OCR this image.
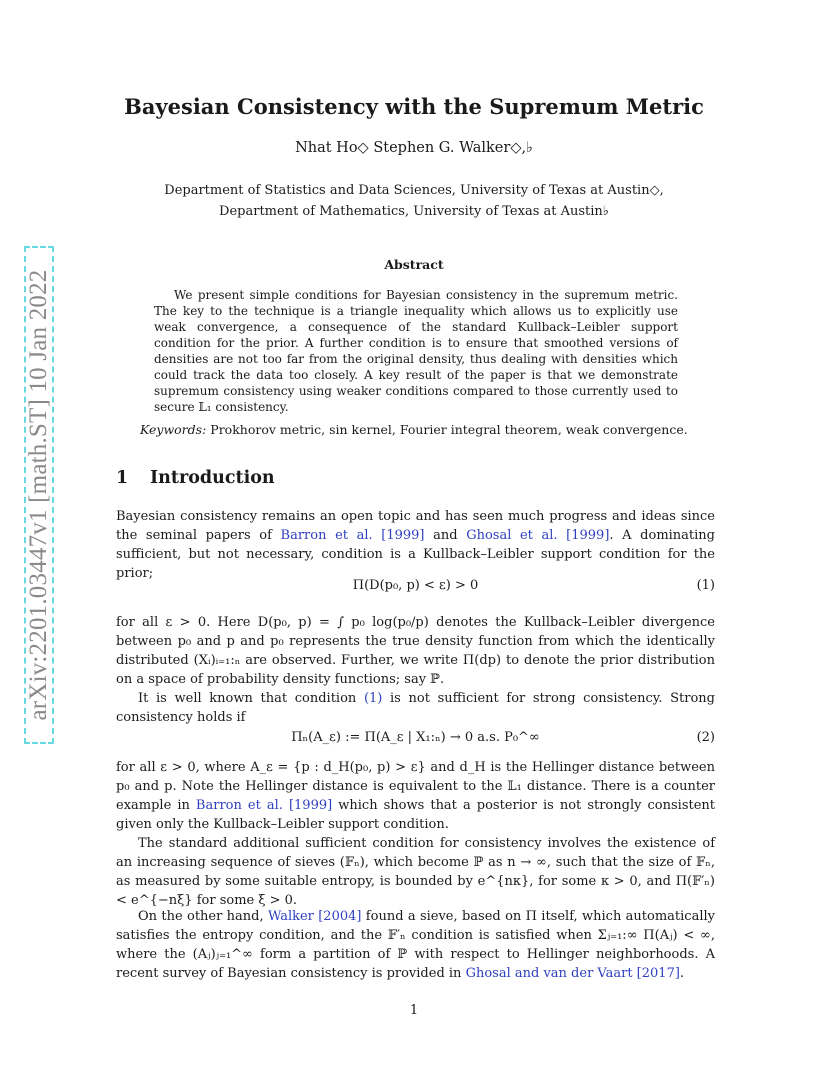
arXiv:2201.03447v1 [math.ST] 10 Jan 2022
Bayesian Consistency with the Supremum Metric
Nhat Ho◇ Stephen G. Walker◇,♭
Department of Statistics and Data Sciences, University of Texas at Austin◇,
Department of Mathematics, University of Texas at Austin♭
Abstract

We present simple conditions for Bayesian consistency in the supremum metric. The key to the technique is a triangle inequality which allows us to explicitly use weak convergence, a consequence of the standard Kullback–Leibler support condition for the prior. A further condition is to ensure that smoothed versions of densities are not too far from the original density, thus dealing with densities which could track the data too closely. A key result of the paper is that we demonstrate supremum consistency using weaker conditions compared to those currently used to secure 𝕃₁ consistency.

Keywords: Prokhorov metric, sin kernel, Fourier integral theorem, weak convergence.
1 Introduction

Bayesian consistency remains an open topic and has seen much progress and ideas since the seminal papers of Barron et al. [1999] and Ghosal et al. [1999]. A dominating sufficient, but not necessary, condition is a Kullback–Leibler support condition for the prior;

Π(D(p₀, p) < ε) > 0	(1)

for all ε > 0. Here D(p₀, p) = ∫ p₀ log(p₀/p) denotes the Kullback–Leibler divergence between p₀ and p and p₀ represents the true density function from which the identically distributed (Xᵢ)ᵢ₌₁:ₙ are observed. Further, we write Π(dp) to denote the prior distribution on a space of probability density functions; say ℙ.

It is well known that condition (1) is not sufficient for strong consistency. Strong consistency holds if

Πₙ(A_ε) := Π(A_ε | X₁:ₙ) → 0 a.s. P₀^∞	(2)

for all ε > 0, where A_ε = {p : d_H(p₀, p) > ε} and d_H is the Hellinger distance between p₀ and p. Note the Hellinger distance is equivalent to the 𝕃₁ distance. There is a counter example in Barron et al. [1999] which shows that a posterior is not strongly consistent given only the Kullback–Leibler support condition.

The standard additional sufficient condition for consistency involves the existence of an increasing sequence of sieves (𝔽ₙ), which become ℙ as n → ∞, such that the size of 𝔽ₙ, as measured by some suitable entropy, is bounded by e^{nκ}, for some κ > 0, and Π(𝔽′ₙ) < e^{−nξ} for some ξ > 0.

On the other hand, Walker [2004] found a sieve, based on Π itself, which automatically satisfies the entropy condition, and the 𝔽′ₙ condition is satisfied when Σⱼ₌₁:∞ Π(Aⱼ) < ∞, where the (Aⱼ)ⱼ₌₁^∞ form a partition of ℙ with respect to Hellinger neighborhoods. A recent survey of Bayesian consistency is provided in Ghosal and van der Vaart [2017].

1
